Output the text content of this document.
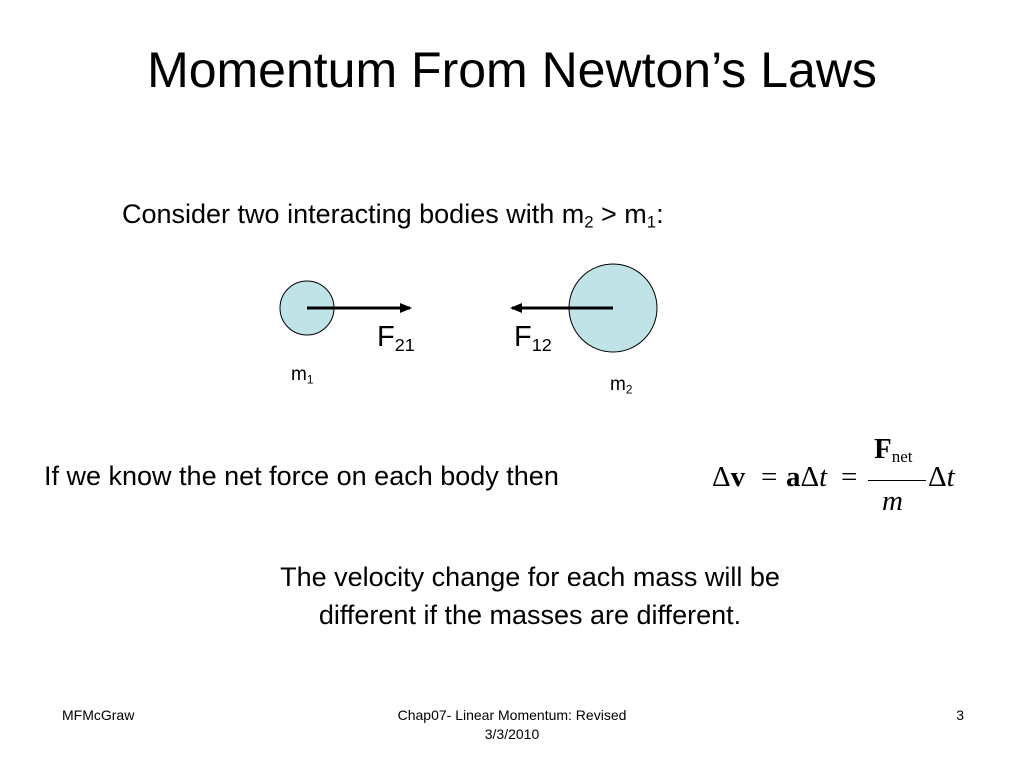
Momentum From Newton’s Laws
Consider two interacting bodies with $m_2 > m_1$:
$F_{21}$	$F_{12}$
$m_1$	$m_2$
If we know the net force on each body then	Δv = aΔt =
$F_{net}$
m
Δt
The velocity change for each mass will be
different if the masses are different.
MFMcGraw	Chap07- Linear Momentum: Revised
3/3/2010
3
